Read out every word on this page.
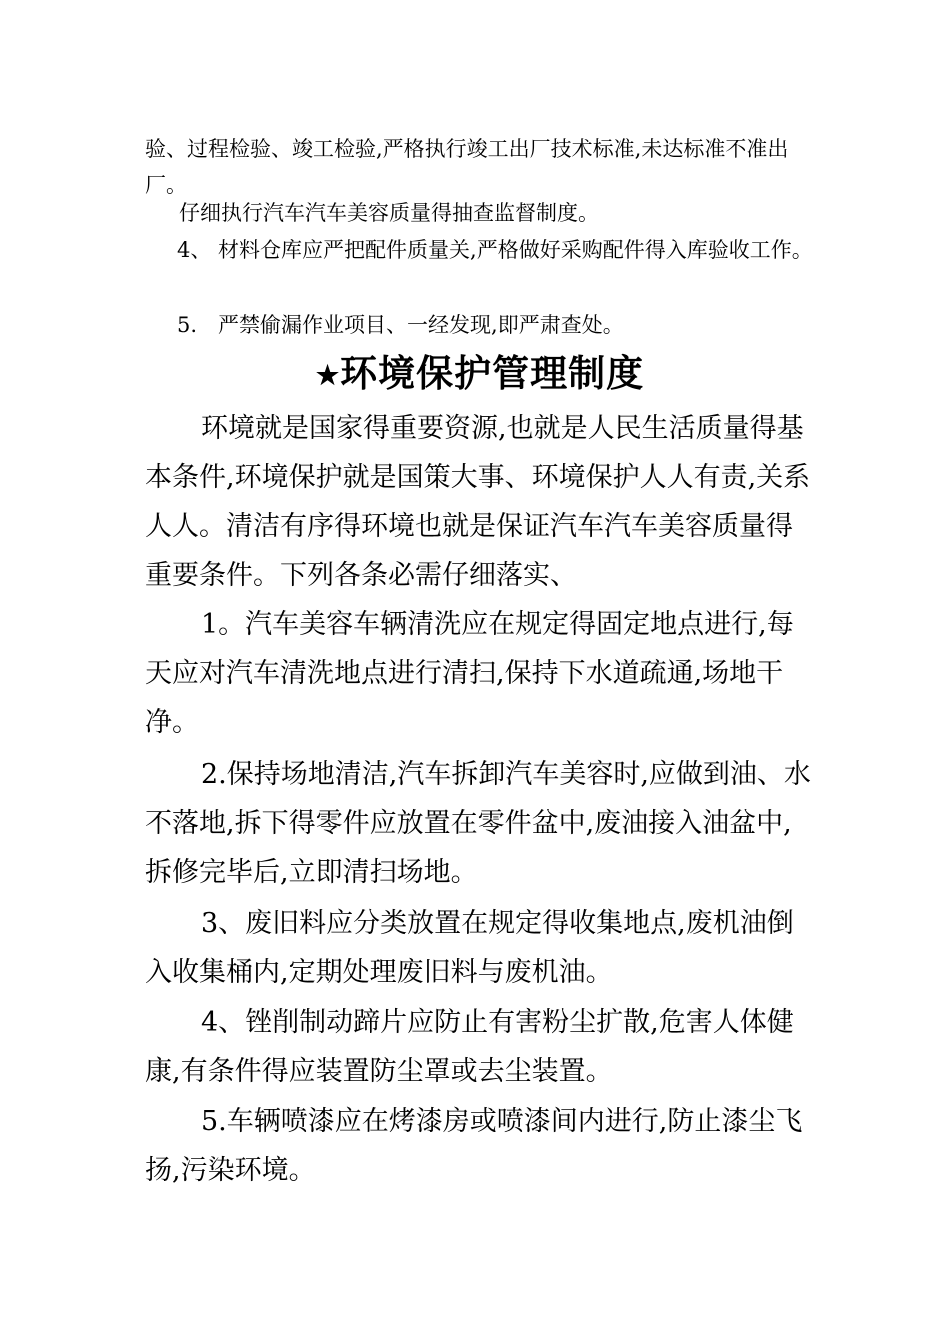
验、过程检验、竣工检验,严格执行竣工出厂技术标准,未达标准不准出厂。

仔细执行汽车汽车美容质量得抽查监督制度。

4、 材料仓库应严把配件质量关,严格做好采购配件得入库验收工作。

5.　严禁偷漏作业项目、一经发现,即严肃查处。

★环境保护管理制度

环境就是国家得重要资源,也就是人民生活质量得基本条件,环境保护就是国策大事、环境保护人人有责,关系人人。清洁有序得环境也就是保证汽车汽车美容质量得重要条件。下列各条必需仔细落实、

1。汽车美容车辆清洗应在规定得固定地点进行,每天应对汽车清洗地点进行清扫,保持下水道疏通,场地干净。

2.保持场地清洁,汽车拆卸汽车美容时,应做到油、水不落地,拆下得零件应放置在零件盆中,废油接入油盆中,拆修完毕后,立即清扫场地。

3、废旧料应分类放置在规定得收集地点,废机油倒入收集桶内,定期处理废旧料与废机油。

4、锉削制动蹄片应防止有害粉尘扩散,危害人体健康,有条件得应装置防尘罩或去尘装置。

5.车辆喷漆应在烤漆房或喷漆间内进行,防止漆尘飞扬,污染环境。
